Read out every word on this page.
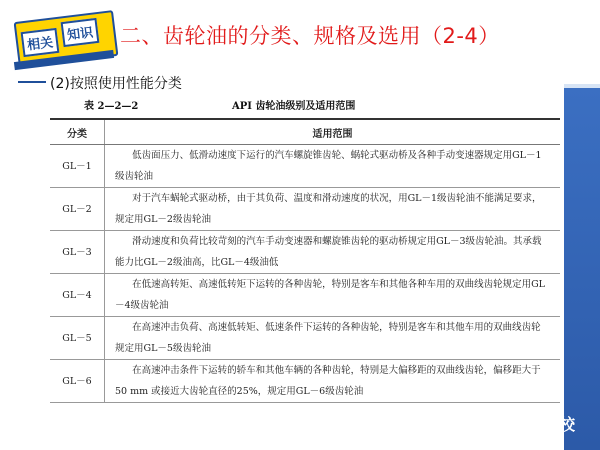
相关
知识 二、齿轮油的分类、规格及选用（2-4）
(2)按照使用性能分类
表 2—2—2	API 齿轮油级别及适用范围
分类	适用范围
GL－1	低齿面压力、低滑动速度下运行的汽车螺旋锥齿轮、蜗轮式驱动桥及各种手动变速器规定用GL－1级齿轮油
GL－2	对于汽车蜗轮式驱动桥，由于其负荷、温度和滑动速度的状况，用GL－1级齿轮油不能满足要求，规定用GL－2级齿轮油
GL－3	滑动速度和负荷比较苛刻的汽车手动变速器和螺旋锥齿轮的驱动桥规定用GL－3级齿轮油。其承载能力比GL－2级油高，比GL－4级油低
GL－4	在低速高转矩、高速低转矩下运转的各种齿轮，特别是客车和其他各种车用的双曲线齿轮规定用GL－4级齿轮油
GL－5	在高速冲击负荷、高速低转矩、低速条件下运转的各种齿轮，特别是客车和其他车用的双曲线齿轮规定用GL－5级齿轮油
GL－6	在高速冲击条件下运转的轿车和其他车辆的各种齿轮，特别是大偏移距的双曲线齿轮，偏移距大于 50 mm 或接近大齿轮直径的25%，规定用GL－6级齿轮油
学校
